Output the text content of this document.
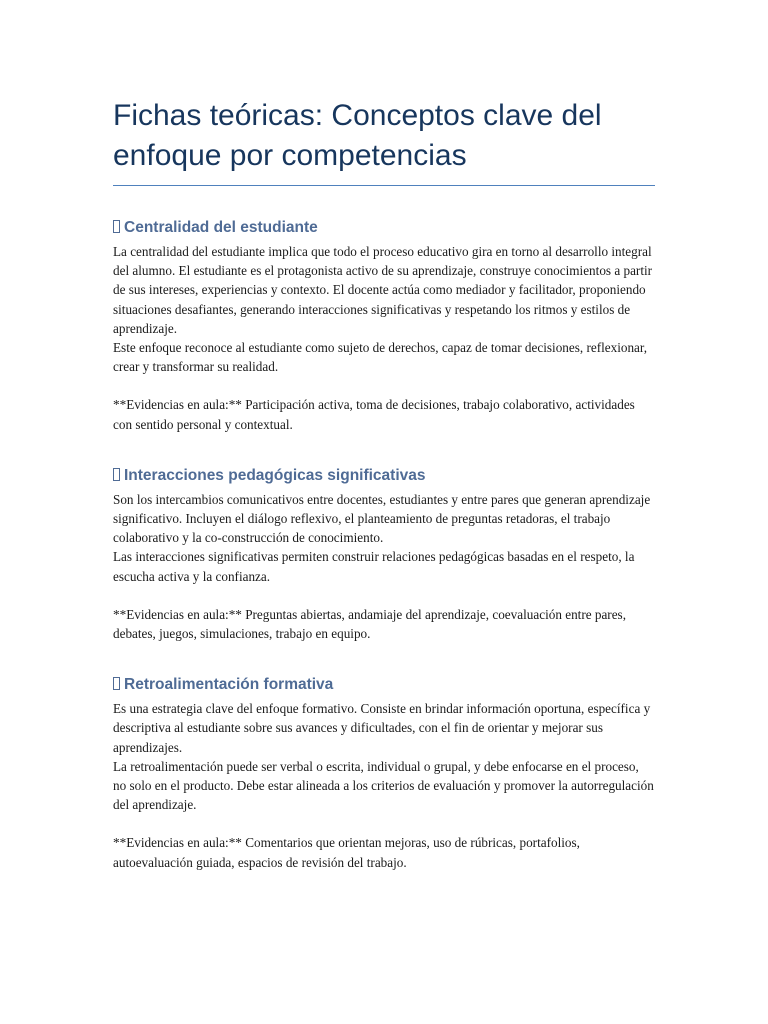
Fichas teóricas: Conceptos clave del enfoque por competencias
Centralidad del estudiante

La centralidad del estudiante implica que todo el proceso educativo gira en torno al desarrollo integral del alumno. El estudiante es el protagonista activo de su aprendizaje, construye conocimientos a partir de sus intereses, experiencias y contexto. El docente actúa como mediador y facilitador, proponiendo situaciones desafiantes, generando interacciones significativas y respetando los ritmos y estilos de aprendizaje.

Este enfoque reconoce al estudiante como sujeto de derechos, capaz de tomar decisiones, reflexionar, crear y transformar su realidad.

**Evidencias en aula:** Participación activa, toma de decisiones, trabajo colaborativo, actividades con sentido personal y contextual.

Interacciones pedagógicas significativas

Son los intercambios comunicativos entre docentes, estudiantes y entre pares que generan aprendizaje significativo. Incluyen el diálogo reflexivo, el planteamiento de preguntas retadoras, el trabajo colaborativo y la co-construcción de conocimiento.

Las interacciones significativas permiten construir relaciones pedagógicas basadas en el respeto, la escucha activa y la confianza.

**Evidencias en aula:** Preguntas abiertas, andamiaje del aprendizaje, coevaluación entre pares, debates, juegos, simulaciones, trabajo en equipo.

Retroalimentación formativa

Es una estrategia clave del enfoque formativo. Consiste en brindar información oportuna, específica y descriptiva al estudiante sobre sus avances y dificultades, con el fin de orientar y mejorar sus aprendizajes.

La retroalimentación puede ser verbal o escrita, individual o grupal, y debe enfocarse en el proceso, no solo en el producto. Debe estar alineada a los criterios de evaluación y promover la autorregulación del aprendizaje.

**Evidencias en aula:** Comentarios que orientan mejoras, uso de rúbricas, portafolios, autoevaluación guiada, espacios de revisión del trabajo.
